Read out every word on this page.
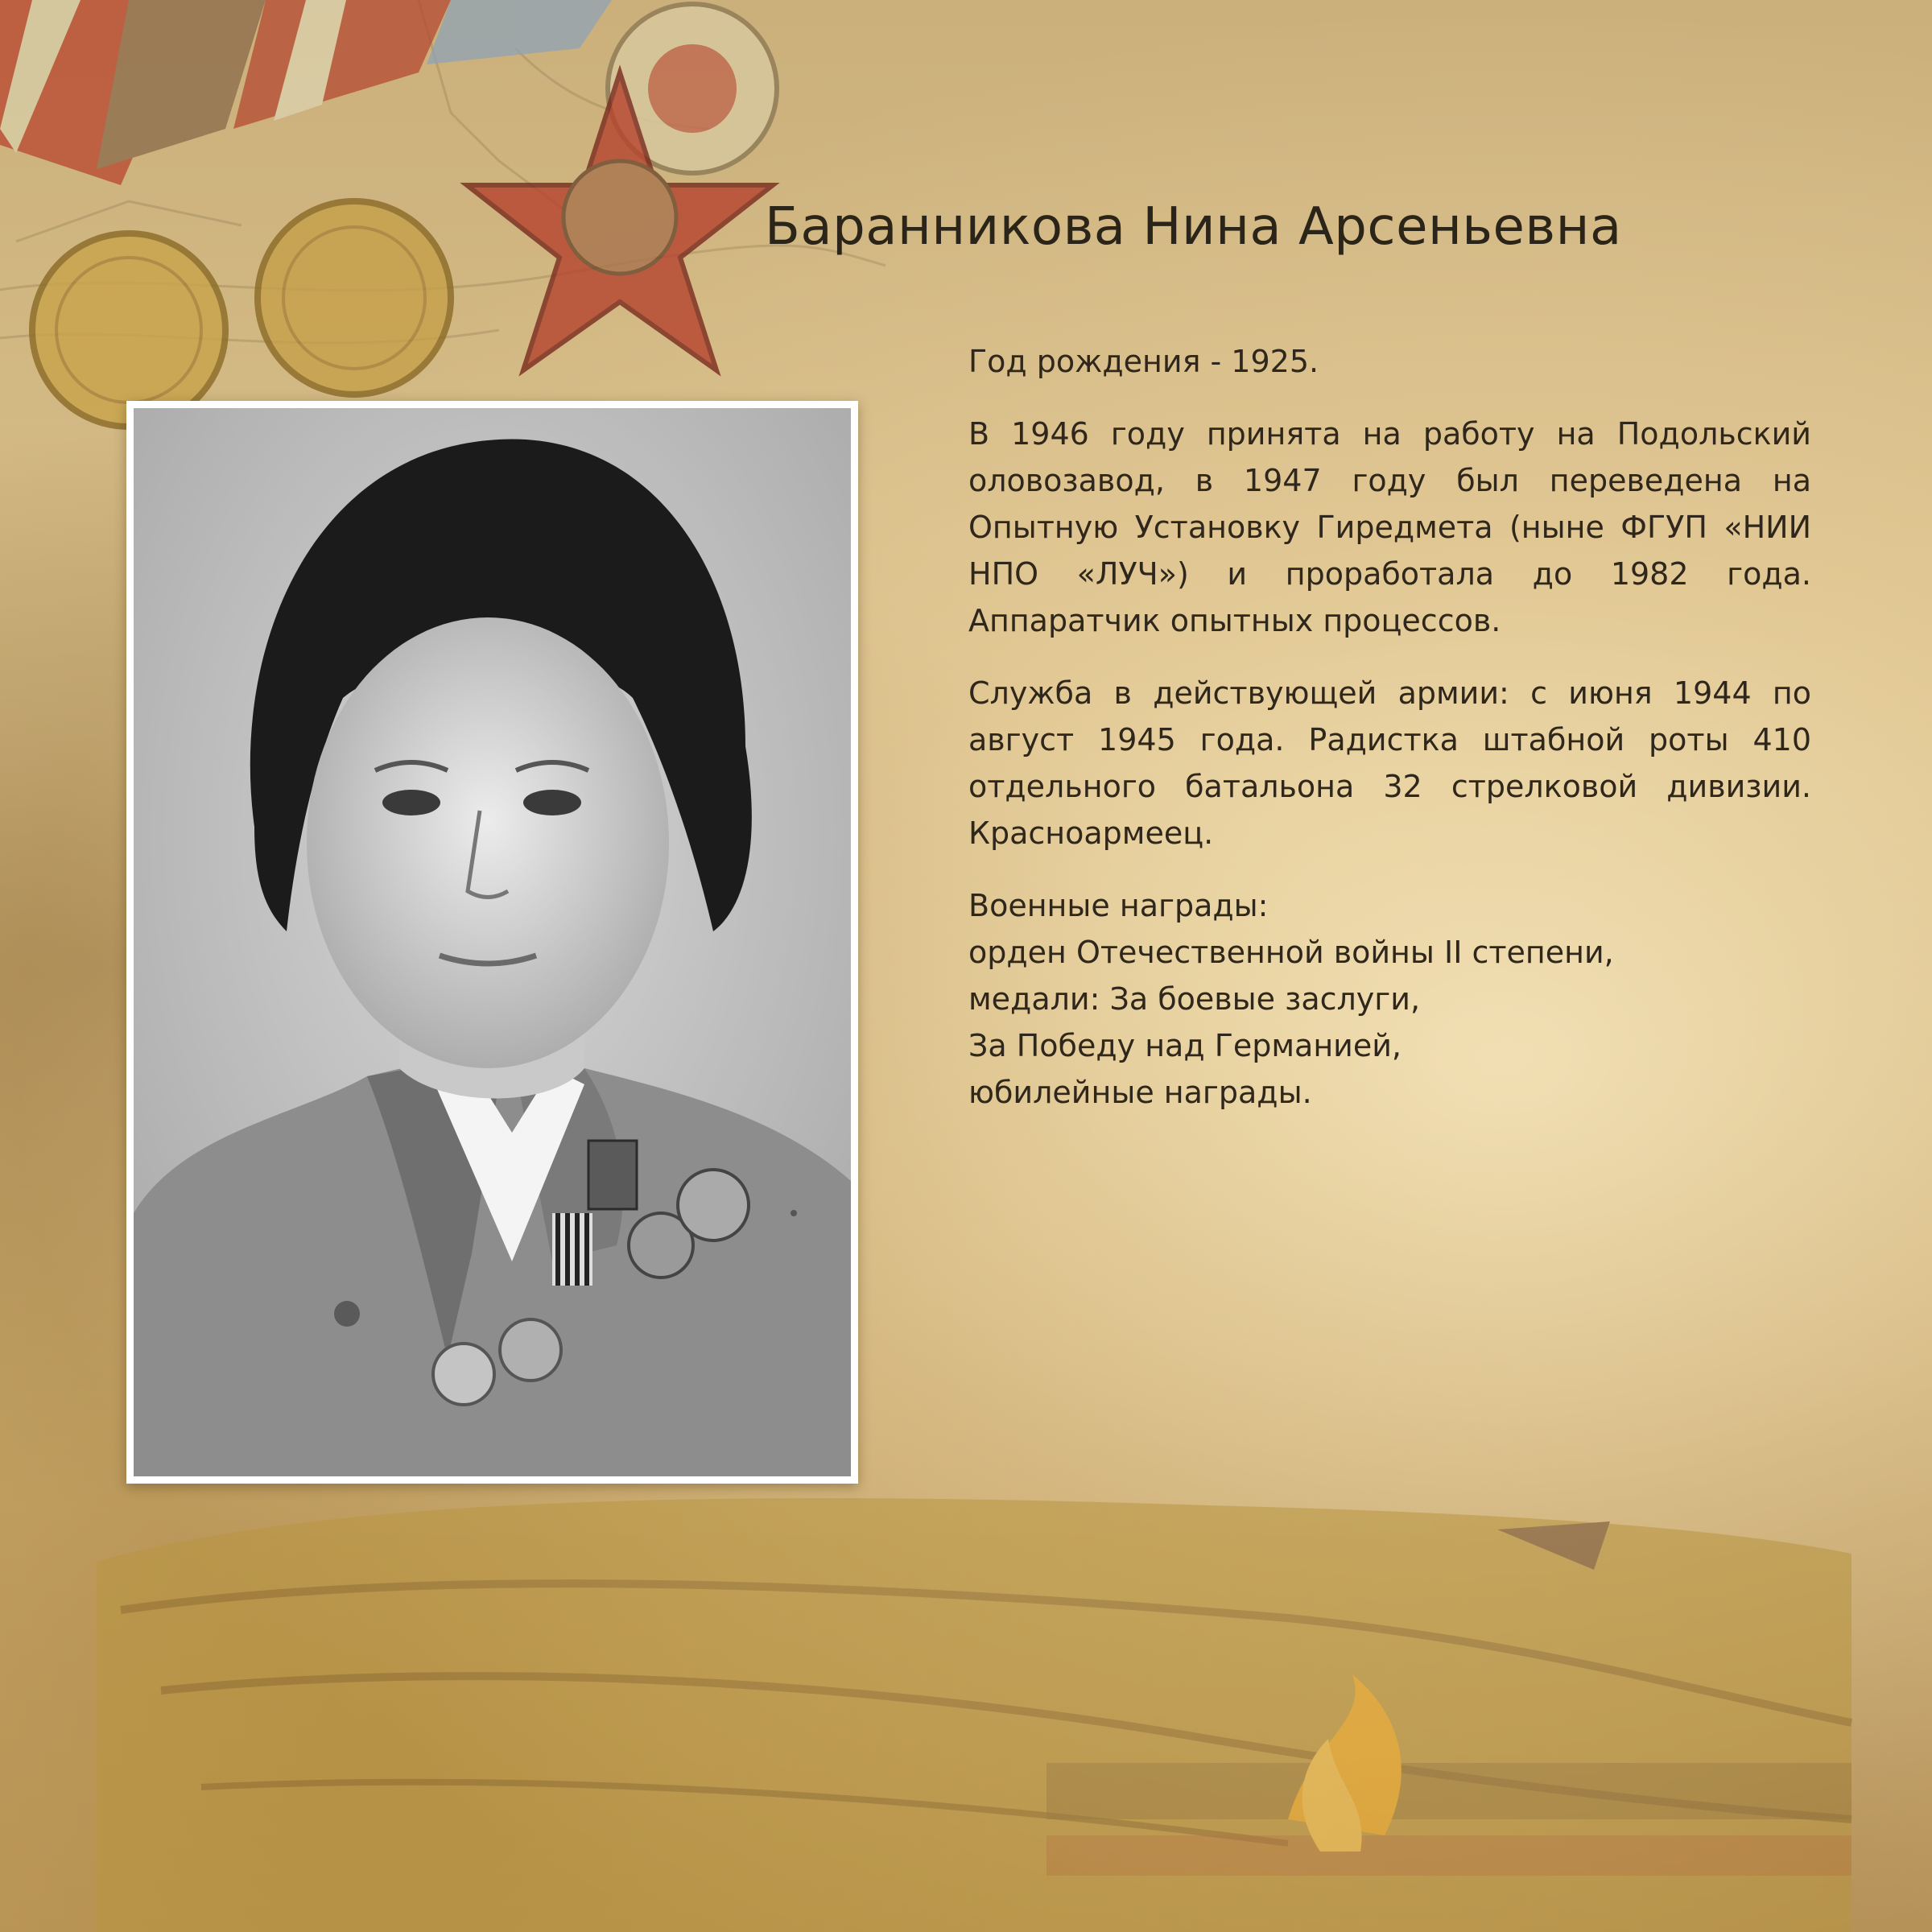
Баранникова Нина Арсеньевна

Год рождения - 1925.

В 1946 году принята на работу на Подольский оловозавод, в 1947 году был переведена на Опытную Установку Гиредмета (ныне ФГУП «НИИ НПО «ЛУЧ») и проработала до 1982 года. Аппаратчик опытных процессов.

Служба в действующей армии: с июня 1944 по август 1945 года. Радистка штабной роты 410 отдельного батальона 32 стрелковой дивизии. Красноармеец.

Военные награды:
орден Отечественной войны II степени,
медали: За боевые заслуги,
За Победу над Германией,
юбилейные награды.
